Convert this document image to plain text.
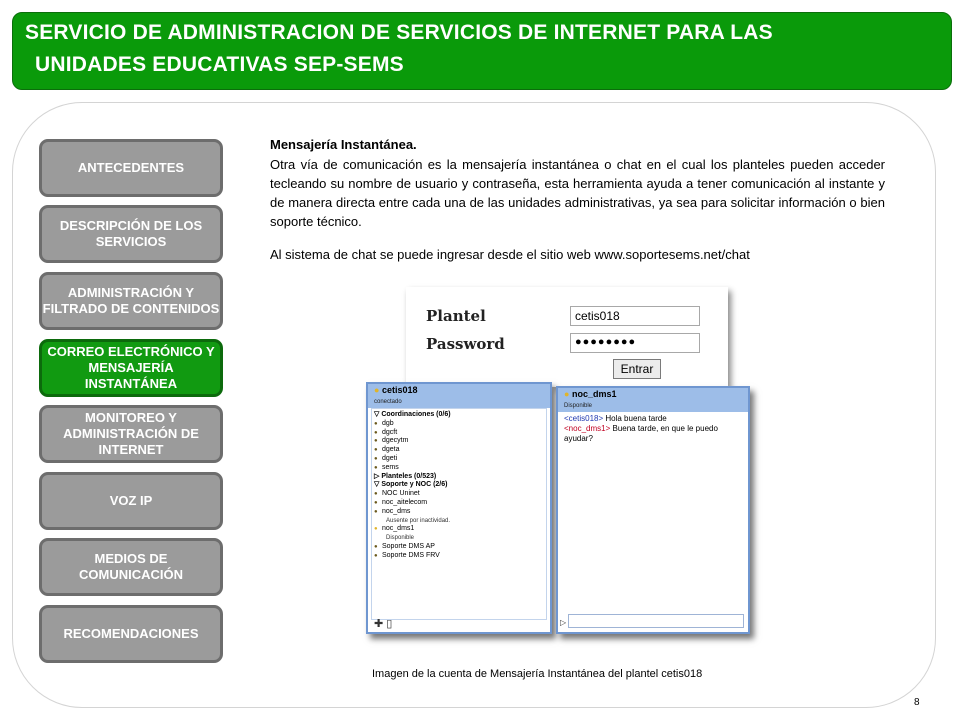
SERVICIO DE ADMINISTRACION DE SERVICIOS DE INTERNET PARA LAS
UNIDADES EDUCATIVAS SEP-SEMS
ANTECEDENTES
DESCRIPCIÓN DE LOS SERVICIOS
ADMINISTRACIÓN Y FILTRADO DE CONTENIDOS
CORREO ELECTRÓNICO Y MENSAJERÍA INSTANTÁNEA
MONITOREO Y ADMINISTRACIÓN DE INTERNET
VOZ IP
MEDIOS DE COMUNICACIÓN
RECOMENDACIONES
Mensajería Instantánea.
Otra vía de comunicación es la mensajería instantánea o chat en el cual los planteles pueden acceder tecleando su nombre de usuario y contraseña, esta herramienta ayuda a tener comunicación al instante y de manera directa entre cada una de las unidades administrativas, ya sea para solicitar información o bien soporte técnico.
Al sistema de chat se puede ingresar desde el sitio web www.soportesems.net/chat
Plantel
Password
cetis018
●●●●●●●●
Entrar
● cetis018
conectado
▽ Coordinaciones (0/6)
● dgb
● dgcft
● dgecytm
● dgeta
● dgeti
● sems
▷ Planteles (0/523)
▽ Soporte y NOC (2/6)
● NOC Uninet
● noc_aitelecom
● noc_dms
Ausente por inactividad.
● noc_dms1
Disponible
● Soporte DMS AP
● Soporte DMS FRV
✚ ▯
● noc_dms1
Disponible
<cetis018> Hola buena tarde
<noc_dms1> Buena tarde, en que le puedo ayudar?
▷
Imagen de la cuenta de Mensajería Instantánea del plantel cetis018
8
